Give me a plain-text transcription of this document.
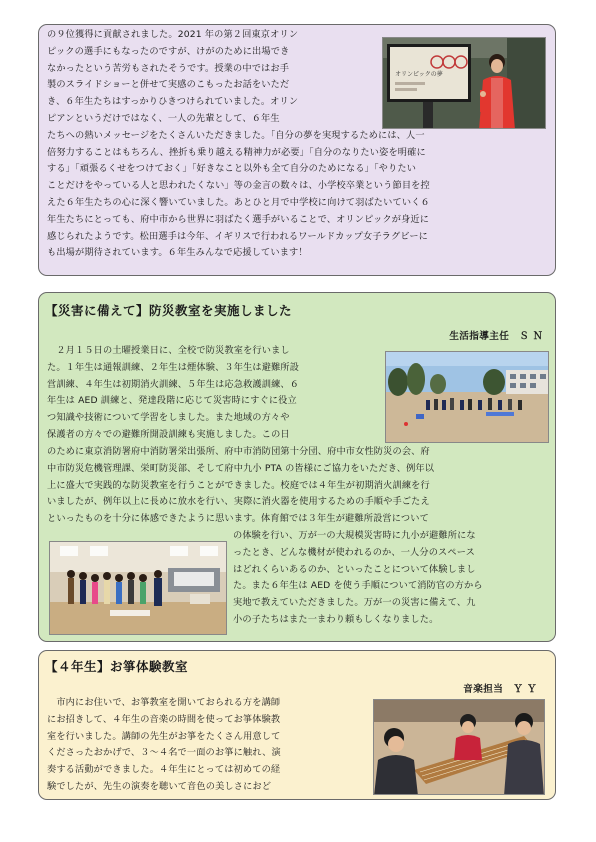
の９位獲得に貢献されました。2021 年の第２回東京オリン
ピックの選手にもなったのですが、けがのために出場でき
なかったという苦労もされたそうです。授業の中ではお手
製のスライドショーと併せて実感のこもったお話をいただ
き、６年生たちはすっかりひきつけられていました。オリン
ピアンというだけではなく、一人の先輩として、６年生
たちへの熱いメッセージをたくさんいただきました。「自分の夢を実現するためには、人一
倍努力することはもちろん、挫折も乗り越える精神力が必要」「自分のなりたい姿を明確に
する」「頑張るくせをつけておく」「好きなこと以外も全て自分のためになる」「やりたい
ことだけをやっている人と思われたくない」等の金言の数々は、小学校卒業という節目を控
えた６年生たちの心に深く響いていました。あとひと月で中学校に向けて羽ばたいていく６
年生たちにとっても、府中市から世界に羽ばたく選手がいることで、オリンピックが身近に
感じられたようです。松田選手は今年、イギリスで行われるワールドカップ女子ラグビーに
も出場が期待されています。６年生みんなで応援しています！
オリンピックの夢
【災害に備えて】防災教室を実施しました
生活指導主任　Ｓ Ｎ
　２月１５日の土曜授業日に、全校で防災教室を行いまし
た。１年生は通報訓練、２年生は煙体験、３年生は避難所設
営訓練、４年生は初期消火訓練、５年生は応急救護訓練、６
年生は AED 訓練と、発達段階に応じて災害時にすぐに役立
つ知識や技術について学習をしました。また地域の方々や
保護者の方々での避難所開設訓練も実施しました。この日
のために東京消防署府中消防署栄出張所、府中市消防団第十分団、府中市女性防災の会、府
中市防災危機管理課、栄町防災部、そして府中九小 PTA の皆様にご協力をいただき、例年以
上に盛大で実践的な防災教室を行うことができました。校庭では４年生が初期消火訓練を行
いましたが、例年以上に長めに放水を行い、実際に消火器を使用するための手順や手ごたえ
といったものを十分に体感できたように思います。体育館では３年生が避難所設営について
の体験を行い、万が一の大規模災害時に九小が避難所にな
ったとき、どんな機材が使われるのか、一人分のスペース
はどれくらいあるのか、といったことについて体験しまし
た。また６年生は AED を使う手順について消防官の方から
実地で教えていただきました。万が一の災害に備えて、九
小の子たちはまた一まわり頼もしくなりました。
【４年生】お箏体験教室
音楽担当　Ｙ Ｙ
　市内にお住いで、お箏教室を開いておられる方を講師
にお招きして、４年生の音楽の時間を使ってお箏体験教
室を行いました。講師の先生がお箏をたくさん用意して
くださったおかげで、３～４名で一面のお箏に触れ、演
奏する活動ができました。４年生にとっては初めての経
験でしたが、先生の演奏を聴いて音色の美しさにおど
